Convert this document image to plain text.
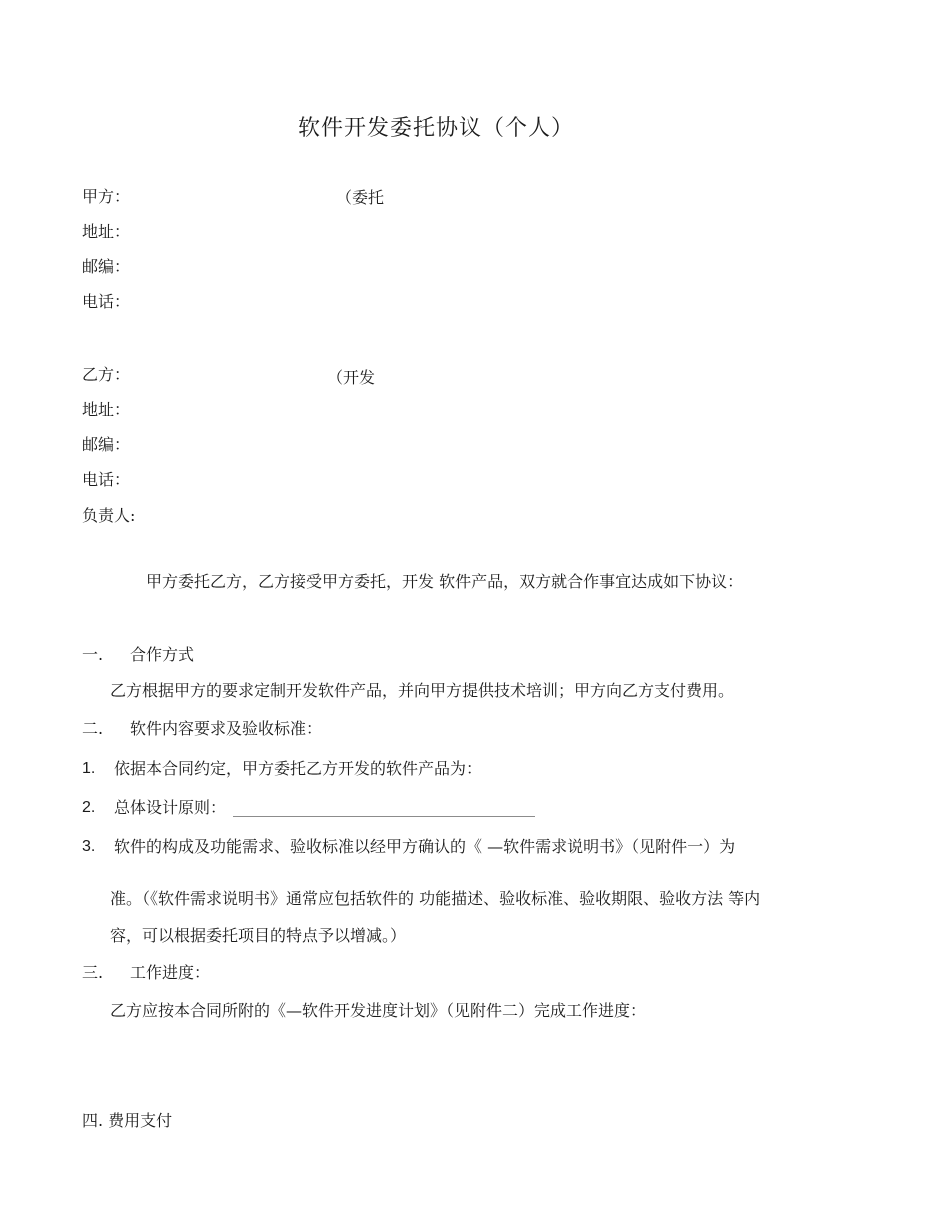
软件开发委托协议（个人）
甲方：	（委托
地址：
邮编：
电话：
乙方：	（开发
地址：
邮编：
电话：
负责人:
甲方委托乙方，乙方接受甲方委托，开发 软件产品，双方就合作事宜达成如下协议：
一. 合作方式
乙方根据甲方的要求定制开发软件产品，并向甲方提供技术培训；甲方向乙方支付费用。
二. 软件内容要求及验收标准：
1. 依据本合同约定，甲方委托乙方开发的软件产品为：
2. 总体设计原则：
3. 软件的构成及功能需求、验收标准以经甲方确认的《 —软件需求说明书》（见附件一）为
准。（《软件需求说明书》通常应包括软件的 功能描述、验收标准、验收期限、验收方法 等内
容，可以根据委托项目的特点予以增减。）
三. 工作进度：
乙方应按本合同所附的《—软件开发进度计划》（见附件二）完成工作进度：
四. 费用支付
